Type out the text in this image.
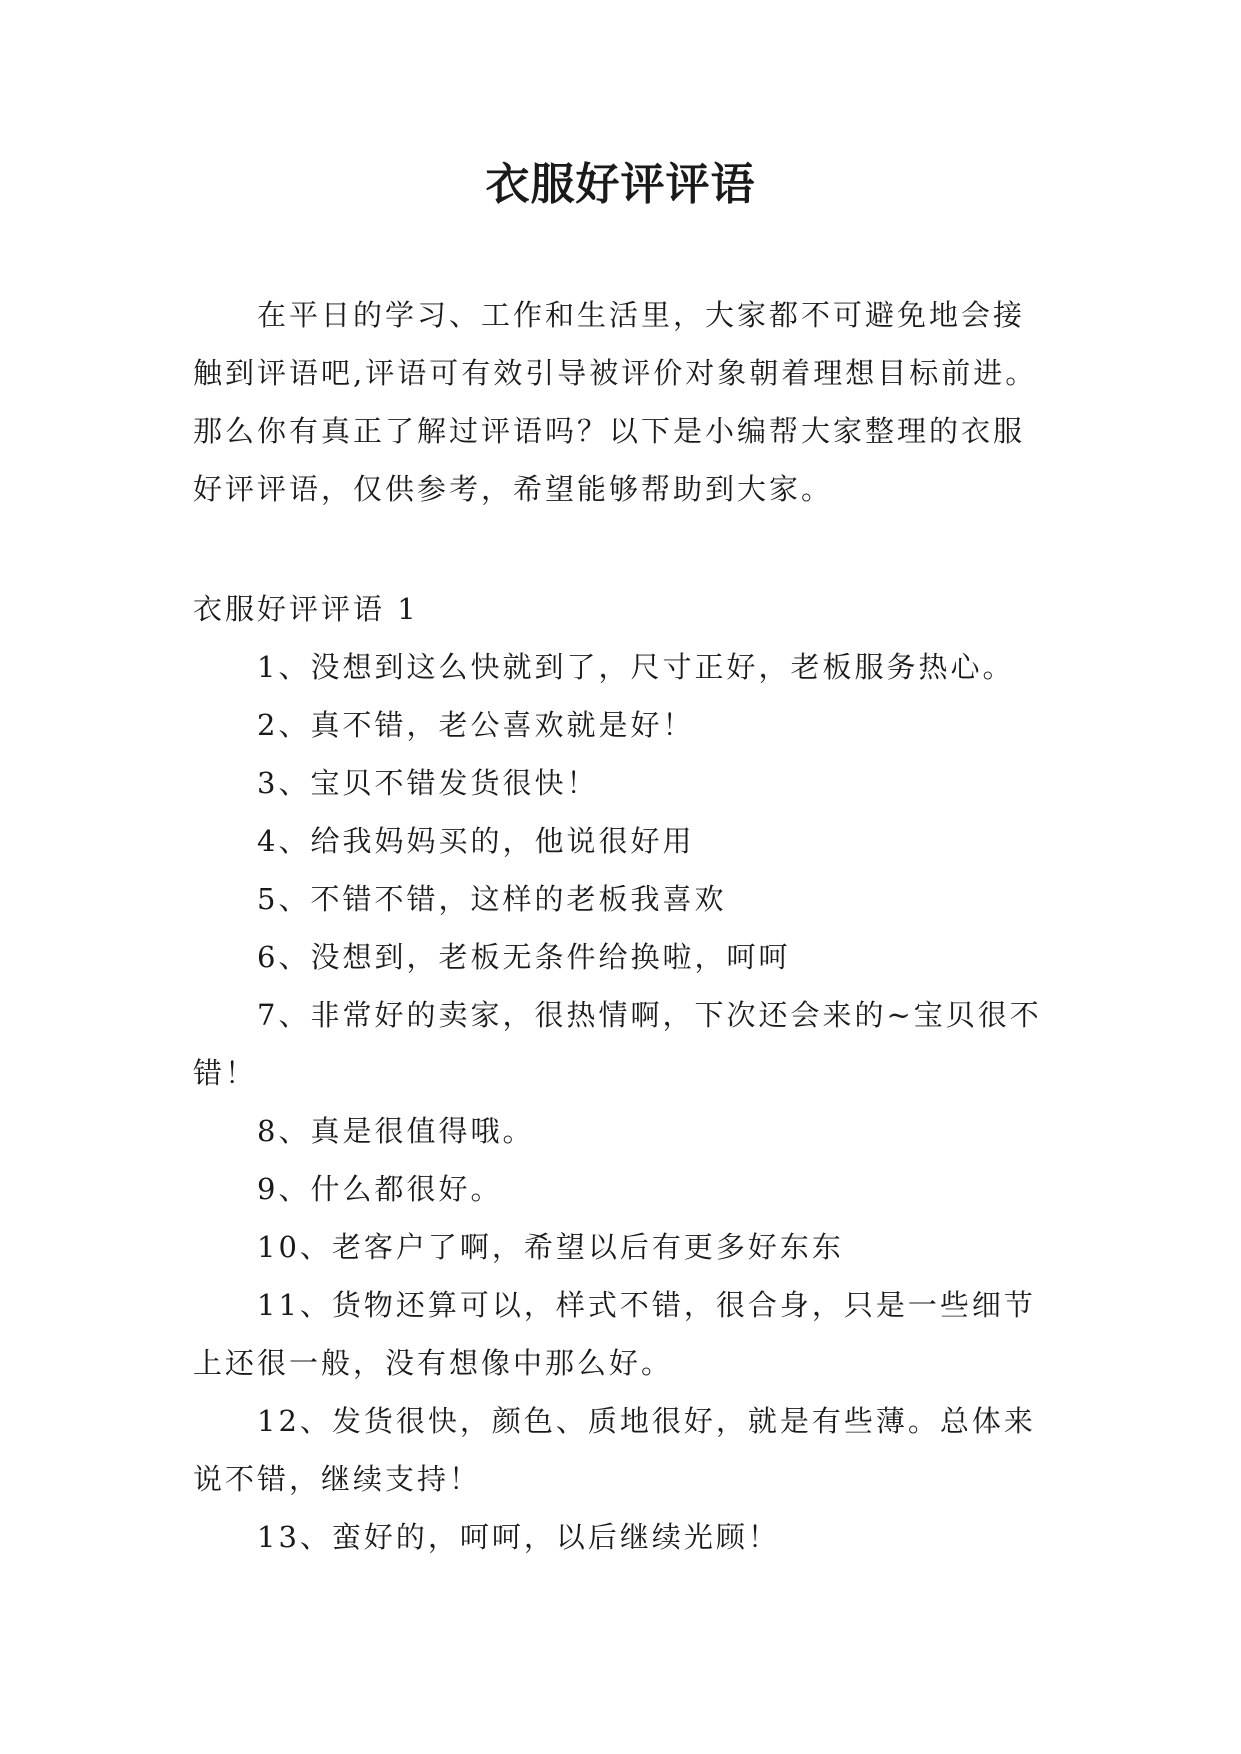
衣服好评评语

在平日的学习、工作和生活里，大家都不可避免地会接触到评语吧,评语可有效引导被评价对象朝着理想目标前进。那么你有真正了解过评语吗？以下是小编帮大家整理的衣服好评评语，仅供参考，希望能够帮助到大家。

衣服好评评语 1

1、没想到这么快就到了，尺寸正好，老板服务热心。
2、真不错，老公喜欢就是好！
3、宝贝不错发货很快！
4、给我妈妈买的，他说很好用
5、不错不错，这样的老板我喜欢
6、没想到，老板无条件给换啦，呵呵
7、非常好的卖家，很热情啊，下次还会来的~宝贝很不错！
8、真是很值得哦。
9、什么都很好。
10、老客户了啊，希望以后有更多好东东
11、货物还算可以，样式不错，很合身，只是一些细节上还很一般，没有想像中那么好。
12、发货很快，颜色、质地很好，就是有些薄。总体来说不错，继续支持！
13、蛮好的，呵呵，以后继续光顾！
